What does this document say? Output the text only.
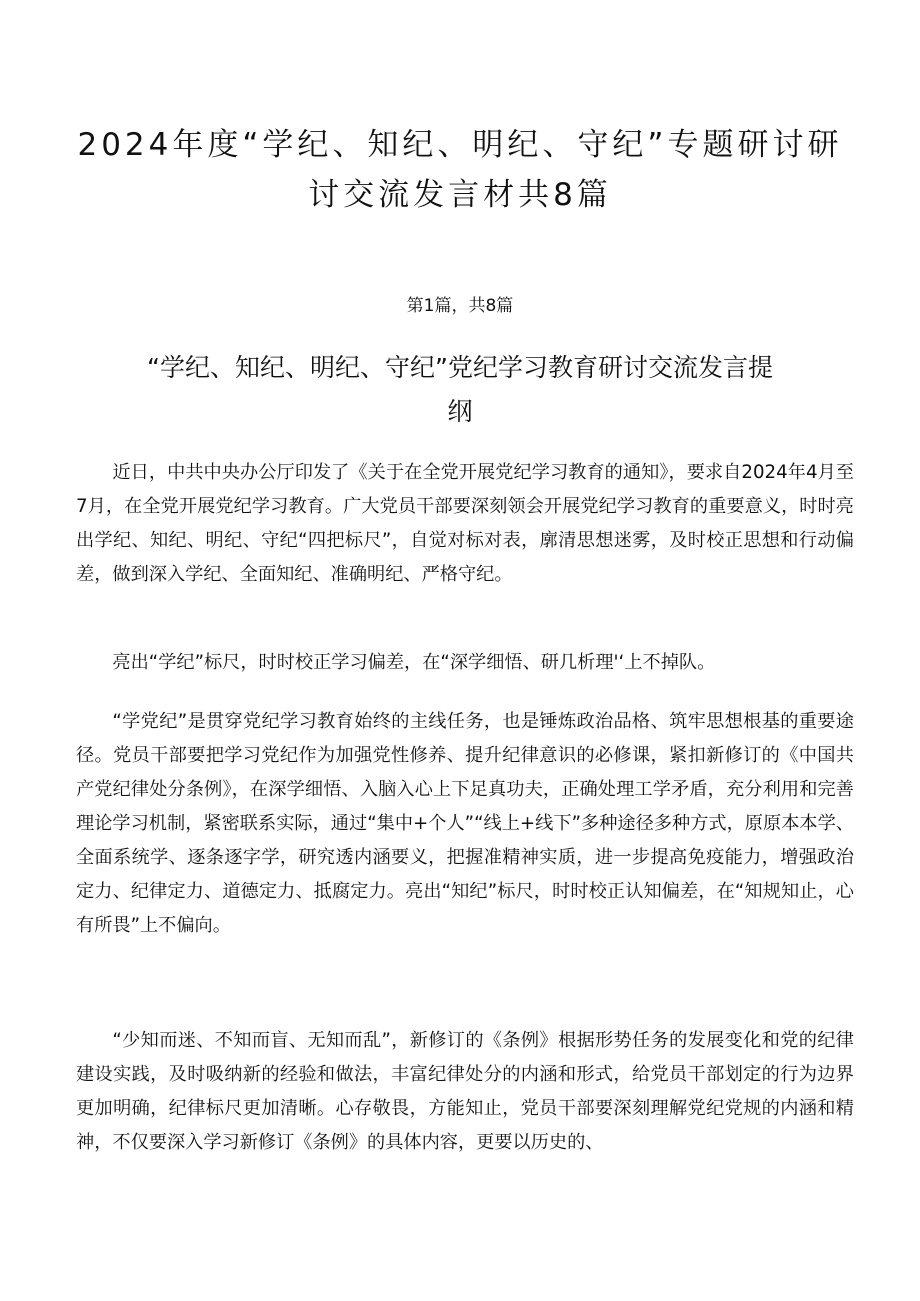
2024年度“学纪、知纪、明纪、守纪”专题研讨研
讨交流发言材共8篇

第1篇，共8篇

“学纪、知纪、明纪、守纪”党纪学习教育研讨交流发言提
纲

近日，中共中央办公厅印发了《关于在全党开展党纪学习教育的通知》，要求自2024年4月至7月，在全党开展党纪学习教育。广大党员干部要深刻领会开展党纪学习教育的重要意义，时时亮出学纪、知纪、明纪、守纪“四把标尺”，自觉对标对表，廓清思想迷雾，及时校正思想和行动偏差，做到深入学纪、全面知纪、准确明纪、严格守纪。

亮出“学纪”标尺，时时校正学习偏差，在“深学细悟、研几析理'‘上不掉队。

“学党纪”是贯穿党纪学习教育始终的主线任务，也是锤炼政治品格、筑牢思想根基的重要途径。党员干部要把学习党纪作为加强党性修养、提升纪律意识的必修课，紧扣新修订的《中国共产党纪律处分条例》，在深学细悟、入脑入心上下足真功夫，正确处理工学矛盾，充分利用和完善理论学习机制，紧密联系实际，通过“集中+个人”“线上+线下”多种途径多种方式，原原本本学、全面系统学、逐条逐字学，研究透内涵要义，把握准精神实质，进一步提高免疫能力，增强政治定力、纪律定力、道德定力、抵腐定力。亮出“知纪”标尺，时时校正认知偏差，在“知规知止，心有所畏”上不偏向。

“少知而迷、不知而盲、无知而乱”，新修订的《条例》根据形势任务的发展变化和党的纪律建设实践，及时吸纳新的经验和做法，丰富纪律处分的内涵和形式，给党员干部划定的行为边界更加明确，纪律标尺更加清晰。心存敬畏，方能知止，党员干部要深刻理解党纪党规的内涵和精神，不仅要深入学习新修订《条例》的具体内容，更要以历史的、
